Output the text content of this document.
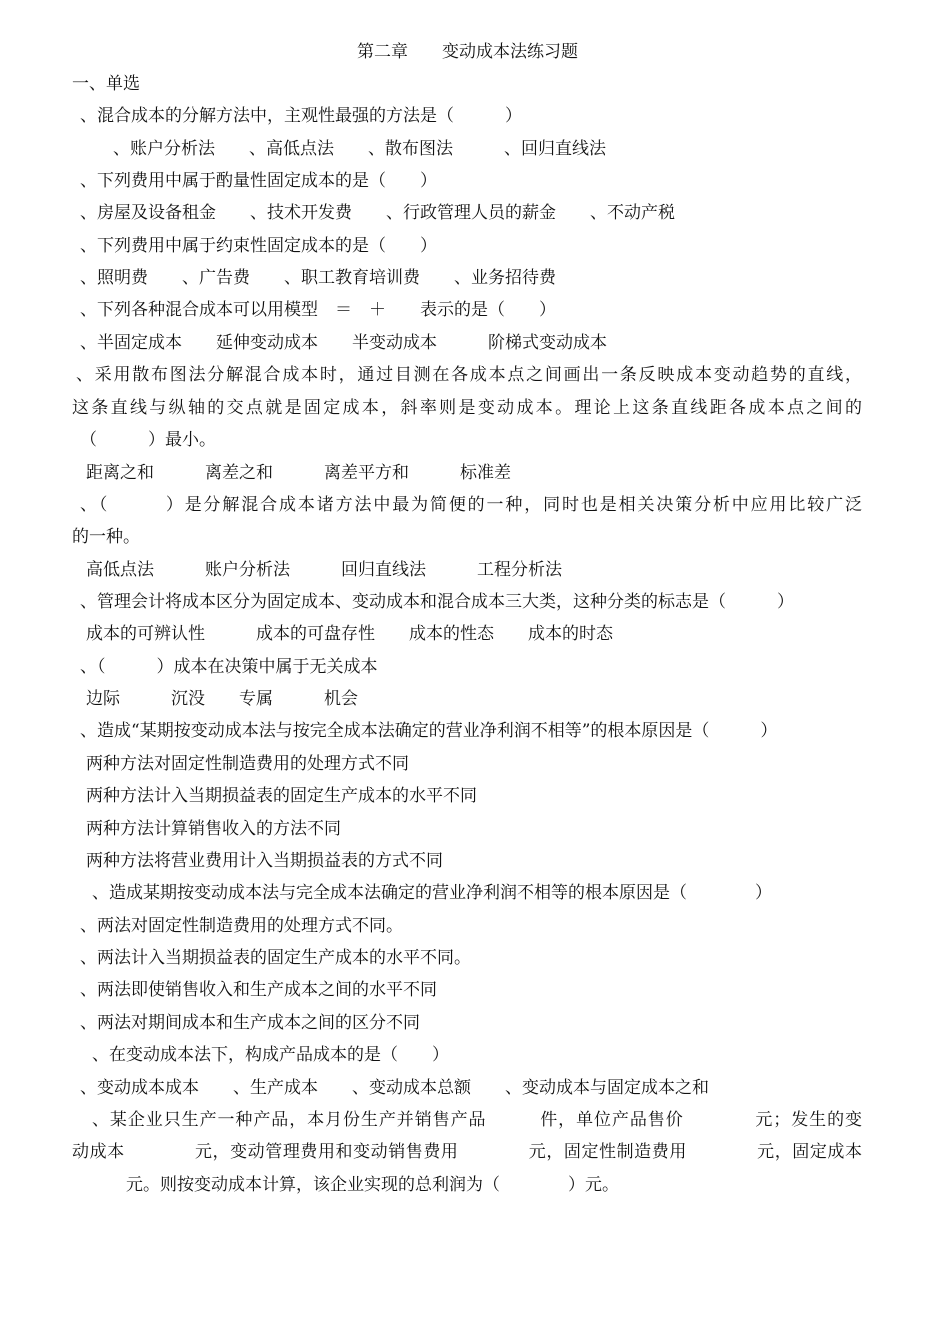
第二章　　变动成本法练习题
一、单选
、混合成本的分解方法中，主观性最强的方法是（　　　）
　、账户分析法　　、高低点法　　、散布图法　　　、回归直线法
、下列费用中属于酌量性固定成本的是（　　）
、房屋及设备租金　　、技术开发费　　、行政管理人员的薪金　　、不动产税
、下列费用中属于约束性固定成本的是（　　）
、照明费　　、广告费　　、职工教育培训费　　、业务招待费
、下列各种混合成本可以用模型　＝　＋　　表示的是（　　）
、半固定成本　　延伸变动成本　　半变动成本　　　阶梯式变动成本
、采用散布图法分解混合成本时，通过目测在各成本点之间画出一条反映成本变动趋势的直线，
这条直线与纵轴的交点就是固定成本，斜率则是变动成本。理论上这条直线距各成本点之间的
（　　　）最小。
距离之和　　　离差之和　　　离差平方和　　　标准差
、（　　　）是分解混合成本诸方法中最为简便的一种，同时也是相关决策分析中应用比较广泛
的一种。
高低点法　　　账户分析法　　　回归直线法　　　工程分析法
、管理会计将成本区分为固定成本、变动成本和混合成本三大类，这种分类的标志是（　　　）
成本的可辨认性　　　成本的可盘存性　　成本的性态　　成本的时态
、（　　　）成本在决策中属于无关成本
边际　　　沉没　　专属　　　机会
、造成“某期按变动成本法与按完全成本法确定的营业净利润不相等”的根本原因是（　　　）
两种方法对固定性制造费用的处理方式不同
两种方法计入当期损益表的固定生产成本的水平不同
两种方法计算销售收入的方法不同
两种方法将营业费用计入当期损益表的方式不同
、造成某期按变动成本法与完全成本法确定的营业净利润不相等的根本原因是（　　　　）
、两法对固定性制造费用的处理方式不同。
、两法计入当期损益表的固定生产成本的水平不同。
、两法即使销售收入和生产成本之间的水平不同
、两法对期间成本和生产成本之间的区分不同
、在变动成本法下，构成产品成本的是（　　）
、变动成本成本　　、生产成本　　、变动成本总额　　、变动成本与固定成本之和
、某企业只生产一种产品，本月份生产并销售产品　　　件，单位产品售价　　　　元；发生的变
动成本　　　　元，变动管理费用和变动销售费用　　　　元，固定性制造费用　　　　元，固定成本
元。则按变动成本计算，该企业实现的总利润为（　　　　）元。
